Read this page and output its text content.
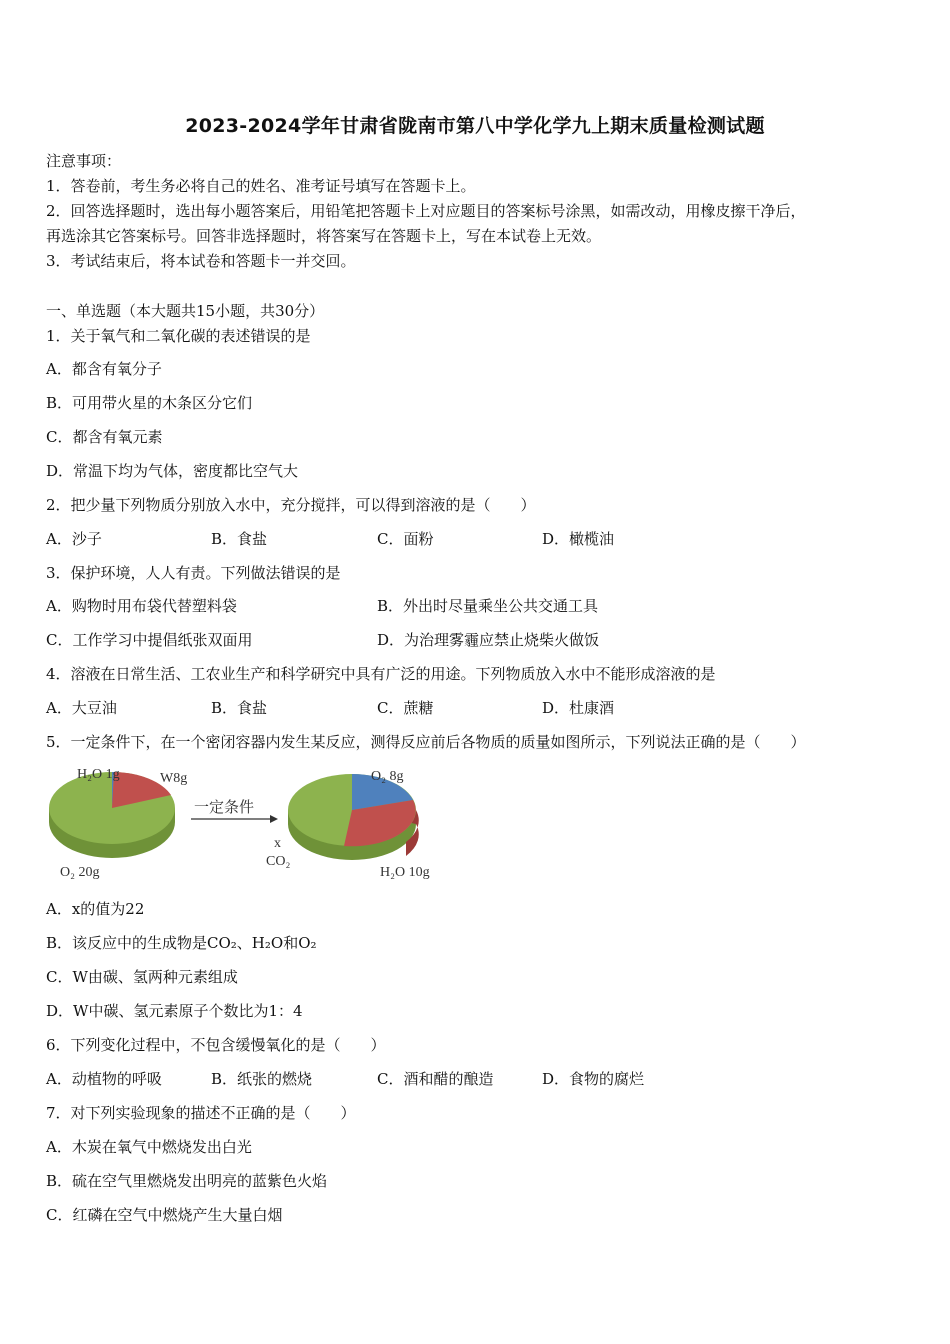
2023-2024学年甘肃省陇南市第八中学化学九上期末质量检测试题
注意事项：
1．答卷前，考生务必将自己的姓名、准考证号填写在答题卡上。
2．回答选择题时，选出每小题答案后，用铅笔把答题卡上对应题目的答案标号涂黑，如需改动，用橡皮擦干净后，
再选涂其它答案标号。回答非选择题时，将答案写在答题卡上，写在本试卷上无效。
3．考试结束后，将本试卷和答题卡一并交回。
一、单选题（本大题共15小题，共30分）
1．关于氧气和二氧化碳的表述错误的是
A．都含有氧分子
B．可用带火星的木条区分它们
C．都含有氧元素
D．常温下均为气体，密度都比空气大
2．把少量下列物质分别放入水中，充分搅拌，可以得到溶液的是（　　）
A．沙子	B．食盐	C．面粉	D．橄榄油
3．保护环境，人人有责。下列做法错误的是
A．购物时用布袋代替塑料袋	B．外出时尽量乘坐公共交通工具
C．工作学习中提倡纸张双面用	D．为治理雾霾应禁止烧柴火做饭
4．溶液在日常生活、工农业生产和科学研究中具有广泛的用途。下列物质放入水中不能形成溶液的是
A．大豆油	B．食盐	C．蔗糖	D．杜康酒
5．一定条件下，在一个密闭容器内发生某反应，测得反应前后各物质的质量如图所示，下列说法正确的是（　　）
H₂O 1g	W8g
O₂ 20g
一定条件
O₂ 8g
x
CO₂
H₂O 10g
A．x的值为22
B．该反应中的生成物是CO₂、H₂O和O₂
C．W由碳、氢两种元素组成
D．W中碳、氢元素原子个数比为1：4
6．下列变化过程中，不包含缓慢氧化的是（　　）
A．动植物的呼吸	B．纸张的燃烧	C．酒和醋的酿造	D．食物的腐烂
7．对下列实验现象的描述不正确的是（　　）
A．木炭在氧气中燃烧发出白光
B．硫在空气里燃烧发出明亮的蓝紫色火焰
C．红磷在空气中燃烧产生大量白烟
